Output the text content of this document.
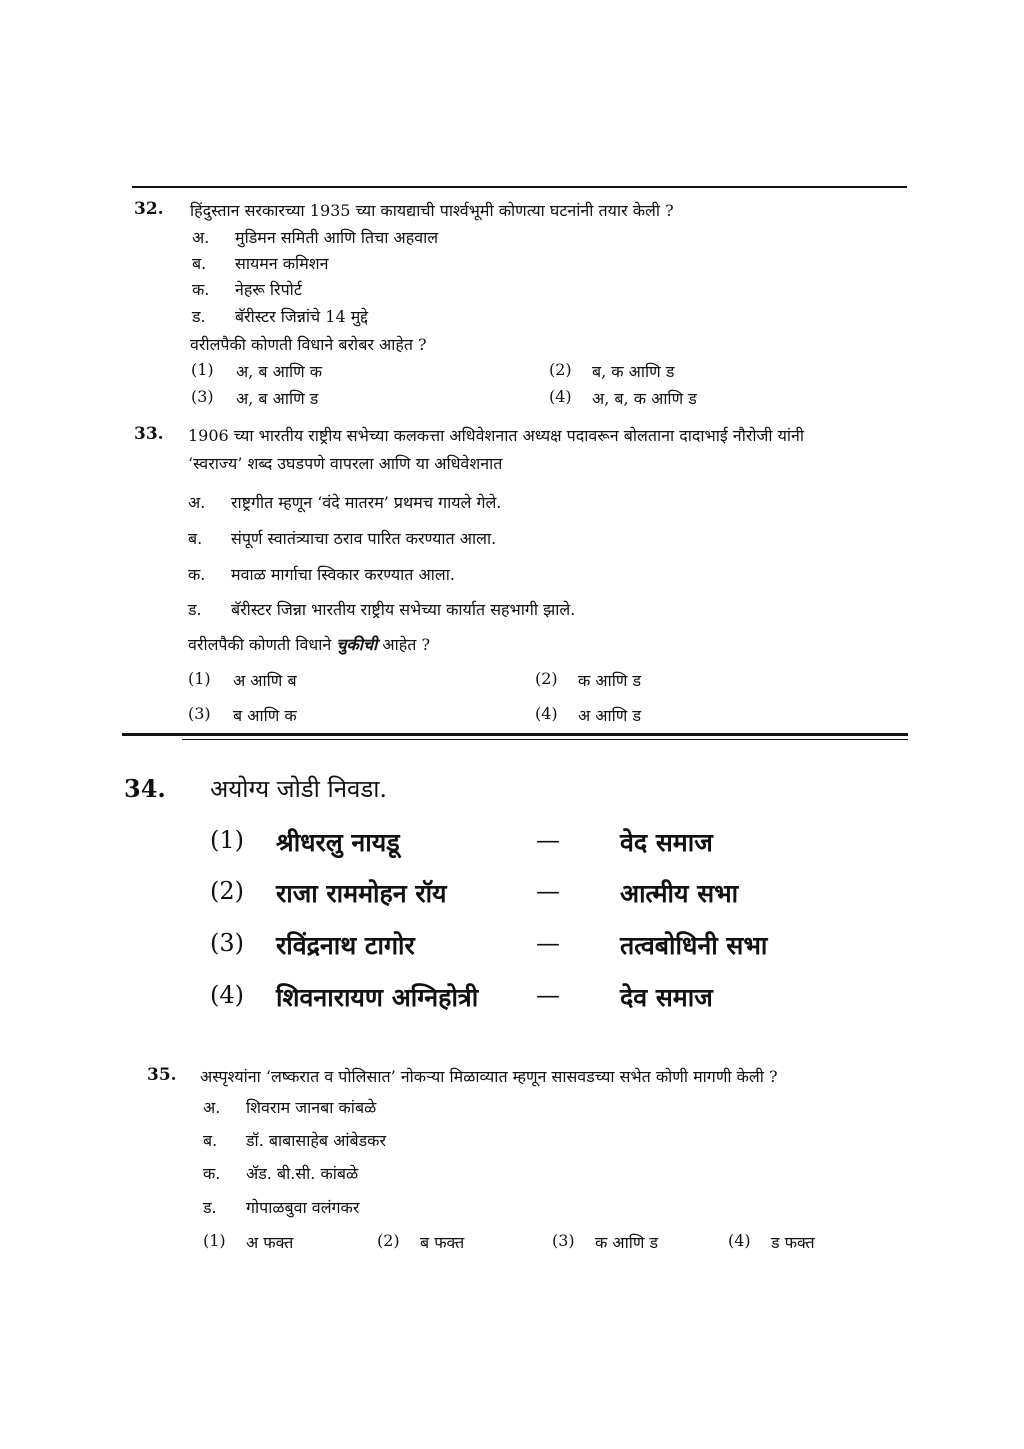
32. हिंदुस्तान सरकारच्या 1935 च्या कायद्याची पार्श्वभूमी कोणत्या घटनांनी तयार केली ?
अ. मुडिमन समिती आणि तिचा अहवाल
ब. सायमन कमिशन
क. नेहरू रिपोर्ट
ड. बॅरीस्टर जिन्नांचे 14 मुद्दे
वरीलपैकी कोणती विधाने बरोबर आहेत ?
(1) अ, ब आणि क	(2) ब, क आणि ड
(3) अ, ब आणि ड	(4) अ, ब, क आणि ड
33. 1906 च्या भारतीय राष्ट्रीय सभेच्या कलकत्ता अधिवेशनात अध्यक्ष पदावरून बोलताना दादाभाई नौरोजी यांनी
‘स्वराज्य’ शब्द उघडपणे वापरला आणि या अधिवेशनात
अ. राष्ट्रगीत म्हणून ‘वंदे मातरम’ प्रथमच गायले गेले.
ब. संपूर्ण स्वातंत्र्याचा ठराव पारित करण्यात आला.
क. मवाळ मार्गाचा स्विकार करण्यात आला.
ड. बॅरीस्टर जिन्ना भारतीय राष्ट्रीय सभेच्या कार्यात सहभागी झाले.
वरीलपैकी कोणती विधाने चुकीची आहेत ?
(1) अ आणि ब	(2) क आणि ड
(3) ब आणि क	(4) अ आणि ड
34. अयोग्य जोडी निवडा.
(1) श्रीधरलु नायडू	— वेद समाज
(2) राजा राममोहन रॉय	— आत्मीय सभा
(3) रविंद्रनाथ टागोर	— तत्वबोधिनी सभा
(4) शिवनारायण अग्निहोत्री — देव समाज
35. अस्पृश्यांना ‘लष्करात व पोलिसात’ नोकऱ्या मिळाव्यात म्हणून सासवडच्या सभेत कोणी मागणी केली ?
अ. शिवराम जानबा कांबळे
ब. डॉ. बाबासाहेब आंबेडकर
क. ॲड. बी.सी. कांबळे
ड. गोपाळबुवा वलंगकर
(1) अ फक्त	(2) ब फक्त	(3) क आणि ड	(4) ड फक्त
